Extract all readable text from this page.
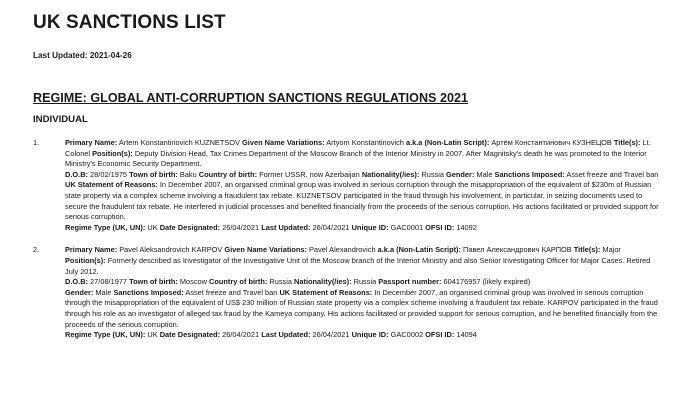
UK SANCTIONS LIST
Last Updated: 2021-04-26
REGIME: GLOBAL ANTI-CORRUPTION SANCTIONS REGULATIONS 2021
INDIVIDUAL
1.	Primary Name: Artem Konstantinovich KUZNETSOV Given Name Variations: Artyom Konstantinovich a.k.a (Non-Latin Script): Артём Константинович КУЗНЕЦОВ Title(s): Lt. Colonel Position(s): Deputy Division Head, Tax Crimes Department of the Moscow Branch of the Interior Ministry in 2007. After Magnitsky's death he was promoted to the Interior Ministry's Economic Security Department.

D.O.B: 28/02/1975 Town of birth: Baku Country of birth: Former USSR, now Azerbaijan Nationality(/ies): Russia Gender: Male Sanctions Imposed: Asset freeze and Travel ban UK Statement of Reasons: In December 2007, an organised criminal group was involved in serious corruption through the misappropriation of the equivalent of $230m of Russian state property via a complex scheme involving a fraudulent tax rebate. KUZNETSOV participated in the fraud through his involvement, in particular, in seizing documents used to secure the fraudulent tax rebate. He interfered in judicial processes and benefited financially from the proceeds of the serious corruption. His actions facilitated or provided support for serious corruption.

Regime Type (UK, UN): UK Date Designated: 26/04/2021 Last Updated: 26/04/2021 Unique ID: GAC0001 OFSI ID: 14092

2.	Primary Name: Pavel Aleksandrovich KARPOV Given Name Variations: Pavel Alexandrovich a.k.a (Non-Latin Script): Павел Александрович КАРПОВ Title(s): Major Position(s): Formerly described as Investigator of the Investigative Unit of the Moscow branch of the Interior Ministry and also Senior Investigating Officer for Major Cases. Retired July 2012.

D.O.B: 27/08/1977 Town of birth: Moscow Country of birth: Russia Nationality(/ies): Russia Passport number: 604176957 (likely expired)

Gender: Male Sanctions Imposed: Asset freeze and Travel ban UK Statement of Reasons: In December 2007, an organised criminal group was involved in serious corruption through the misappropriation of the equivalent of US$ 230 million of Russian state property via a complex scheme involving a fraudulent tax rebate. KARPOV participated in the fraud through his role as an investigator of alleged tax fraud by the Kameya company. His actions facilitated or provided support for serious corruption, and he benefited financially from the proceeds of the serious corruption.

Regime Type (UK, UN): UK Date Designated: 26/04/2021 Last Updated: 26/04/2021 Unique ID: GAC0002 OFSI ID: 14094
